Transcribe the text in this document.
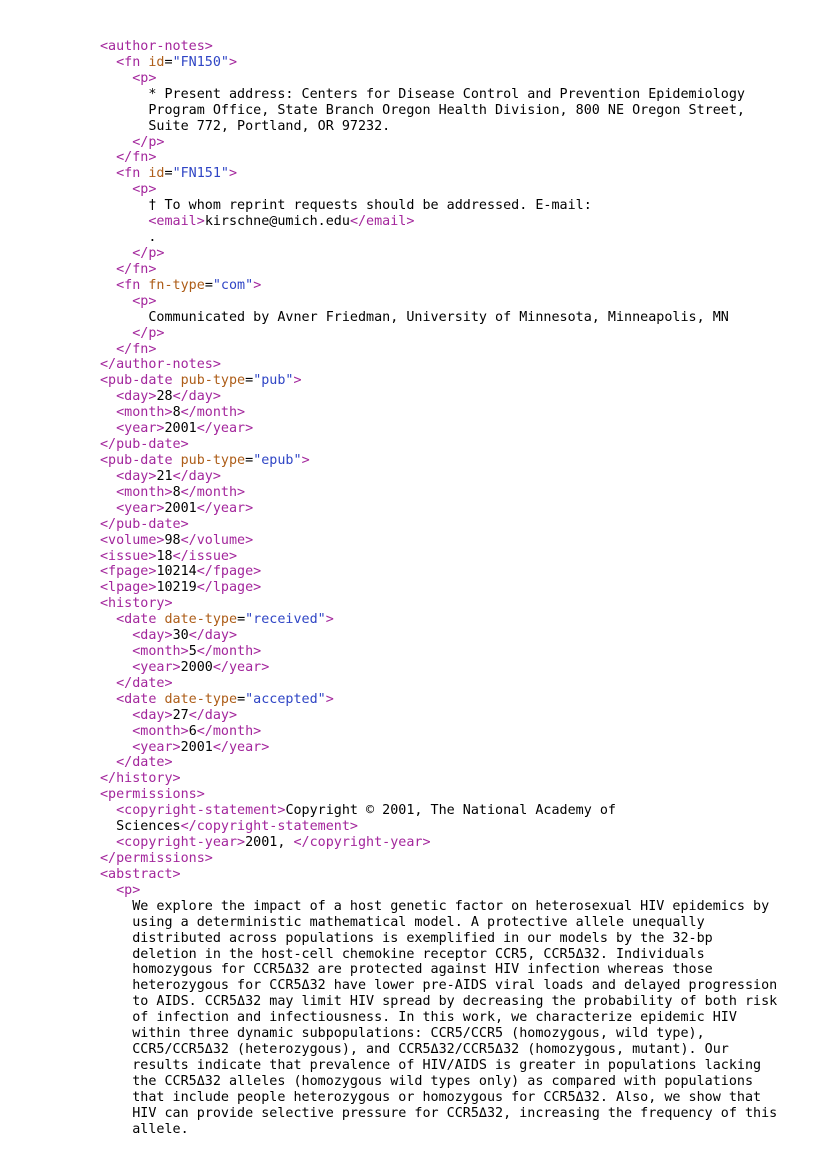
<author-notes>
<fn id="FN150">
<p>
* Present address: Centers for Disease Control and Prevention Epidemiology
Program Office, State Branch Oregon Health Division, 800 NE Oregon Street,
Suite 772, Portland, OR 97232.
</p>
</fn>
<fn id="FN151">
<p>
† To whom reprint requests should be addressed. E-mail:
<email>kirschne@umich.edu</email>
.
</p>
</fn>
<fn fn-type="com">
<p>
Communicated by Avner Friedman, University of Minnesota, Minneapolis, MN
</p>
</fn>
</author-notes>
<pub-date pub-type="pub">
<day>28</day>
<month>8</month>
<year>2001</year>
</pub-date>
<pub-date pub-type="epub">
<day>21</day>
<month>8</month>
<year>2001</year>
</pub-date>
<volume>98</volume>
<issue>18</issue>
<fpage>10214</fpage>
<lpage>10219</lpage>
<history>
<date date-type="received">
<day>30</day>
<month>5</month>
<year>2000</year>
</date>
<date date-type="accepted">
<day>27</day>
<month>6</month>
<year>2001</year>
</date>
</history>
<permissions>
<copyright-statement>Copyright © 2001, The National Academy of
Sciences</copyright-statement>
<copyright-year>2001, </copyright-year>
</permissions>
<abstract>
<p>
We explore the impact of a host genetic factor on heterosexual HIV epidemics by
using a deterministic mathematical model. A protective allele unequally
distributed across populations is exemplified in our models by the 32-bp
deletion in the host-cell chemokine receptor CCR5, CCR5Δ32. Individuals
homozygous for CCR5Δ32 are protected against HIV infection whereas those
heterozygous for CCR5Δ32 have lower pre-AIDS viral loads and delayed progression
to AIDS. CCR5Δ32 may limit HIV spread by decreasing the probability of both risk
of infection and infectiousness. In this work, we characterize epidemic HIV
within three dynamic subpopulations: CCR5/CCR5 (homozygous, wild type),
CCR5/CCR5Δ32 (heterozygous), and CCR5Δ32/CCR5Δ32 (homozygous, mutant). Our
results indicate that prevalence of HIV/AIDS is greater in populations lacking
the CCR5Δ32 alleles (homozygous wild types only) as compared with populations
that include people heterozygous or homozygous for CCR5Δ32. Also, we show that
HIV can provide selective pressure for CCR5Δ32, increasing the frequency of this
allele.
